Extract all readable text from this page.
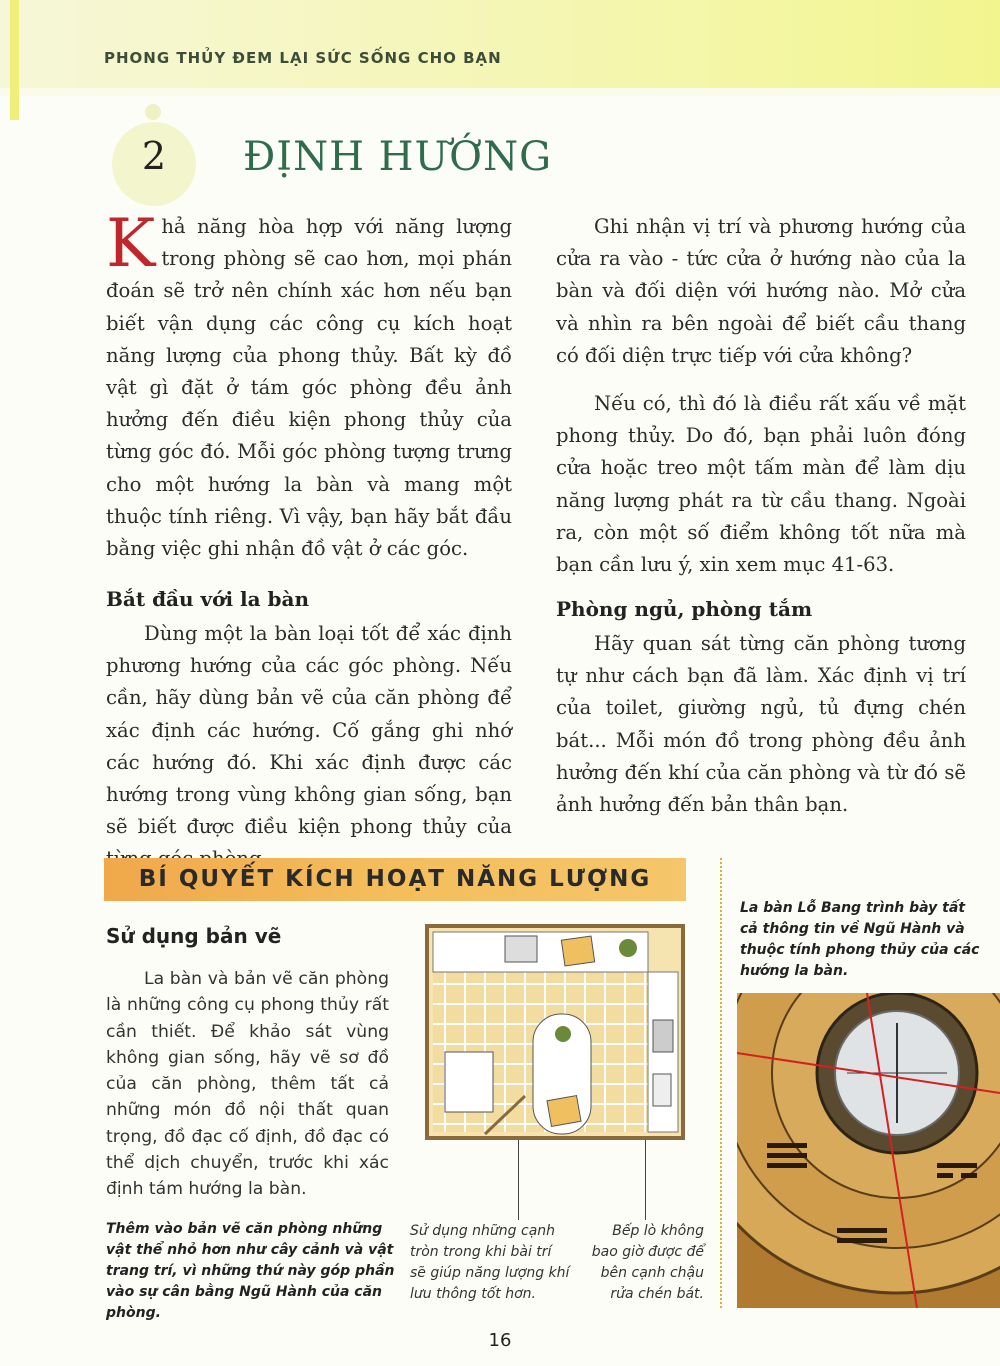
PHONG THỦY ĐEM LẠI SỨC SỐNG CHO BẠN
2	ĐỊNH HƯỚNG

Khả năng hòa hợp với năng lượng trong phòng sẽ cao hơn, mọi phán đoán sẽ trở nên chính xác hơn nếu bạn biết vận dụng các công cụ kích hoạt năng lượng của phong thủy. Bất kỳ đồ vật gì đặt ở tám góc phòng đều ảnh hưởng đến điều kiện phong thủy của từng góc đó. Mỗi góc phòng tượng trưng cho một hướng la bàn và mang một thuộc tính riêng. Vì vậy, bạn hãy bắt đầu bằng việc ghi nhận đồ vật ở các góc.

Bắt đầu với la bàn

Dùng một la bàn loại tốt để xác định phương hướng của các góc phòng. Nếu cần, hãy dùng bản vẽ của căn phòng để xác định các hướng. Cố gắng ghi nhớ các hướng đó. Khi xác định được các hướng trong vùng không gian sống, bạn sẽ biết được điều kiện phong thủy của

Ghi nhận vị trí và phương hướng của cửa ra vào - tức cửa ở hướng nào của la bàn và đối diện với hướng nào. Mở cửa và nhìn ra bên ngoài để biết cầu thang có đối diện trực tiếp với cửa không?

Nếu có, thì đó là điều rất xấu về mặt phong thủy. Do đó, bạn phải luôn đóng cửa hoặc treo một tấm màn để làm dịu năng lượng phát ra từ cầu thang. Ngoài ra, còn một số điểm không tốt nữa mà bạn cần lưu ý, xin xem mục 41-63.

Phòng ngủ, phòng tắm

Hãy quan sát từng căn phòng tương tự như cách bạn đã làm. Xác định vị trí của toilet, giường ngủ, tủ đựng chén bát... Mỗi món đồ trong phòng đều ảnh hưởng đến khí của căn phòng và từ đó sẽ ảnh hưởng đến bản thân bạn.

BÍ QUYẾT KÍCH HOẠT NĂNG LƯỢNG
Sử dụng bản vẽ
La bàn và bản vẽ căn phòng là những công cụ phong thủy rất cần thiết. Để khảo sát vùng không gian sống, hãy vẽ sơ đồ của căn phòng, thêm tất cả những món đồ nội thất quan trọng, đồ đạc cố định, đồ đạc có thể dịch chuyển, trước khi xác định tám hướng la bàn.
Thêm vào bản vẽ căn phòng những vật thể nhỏ hơn như cây cảnh và vật trang trí, vì những thứ này góp phần vào sự cân bằng Ngũ Hành của căn phòng.
Sử dụng những cạnh tròn trong khi bài trí sẽ giúp năng lượng khí lưu thông tốt hơn.
Bếp lò không bao giờ được để bên cạnh chậu rửa chén bát.
La bàn Lỗ Bang trình bày tất cả thông tin về Ngũ Hành và thuộc tính phong thủy của các hướng la bàn.
16
